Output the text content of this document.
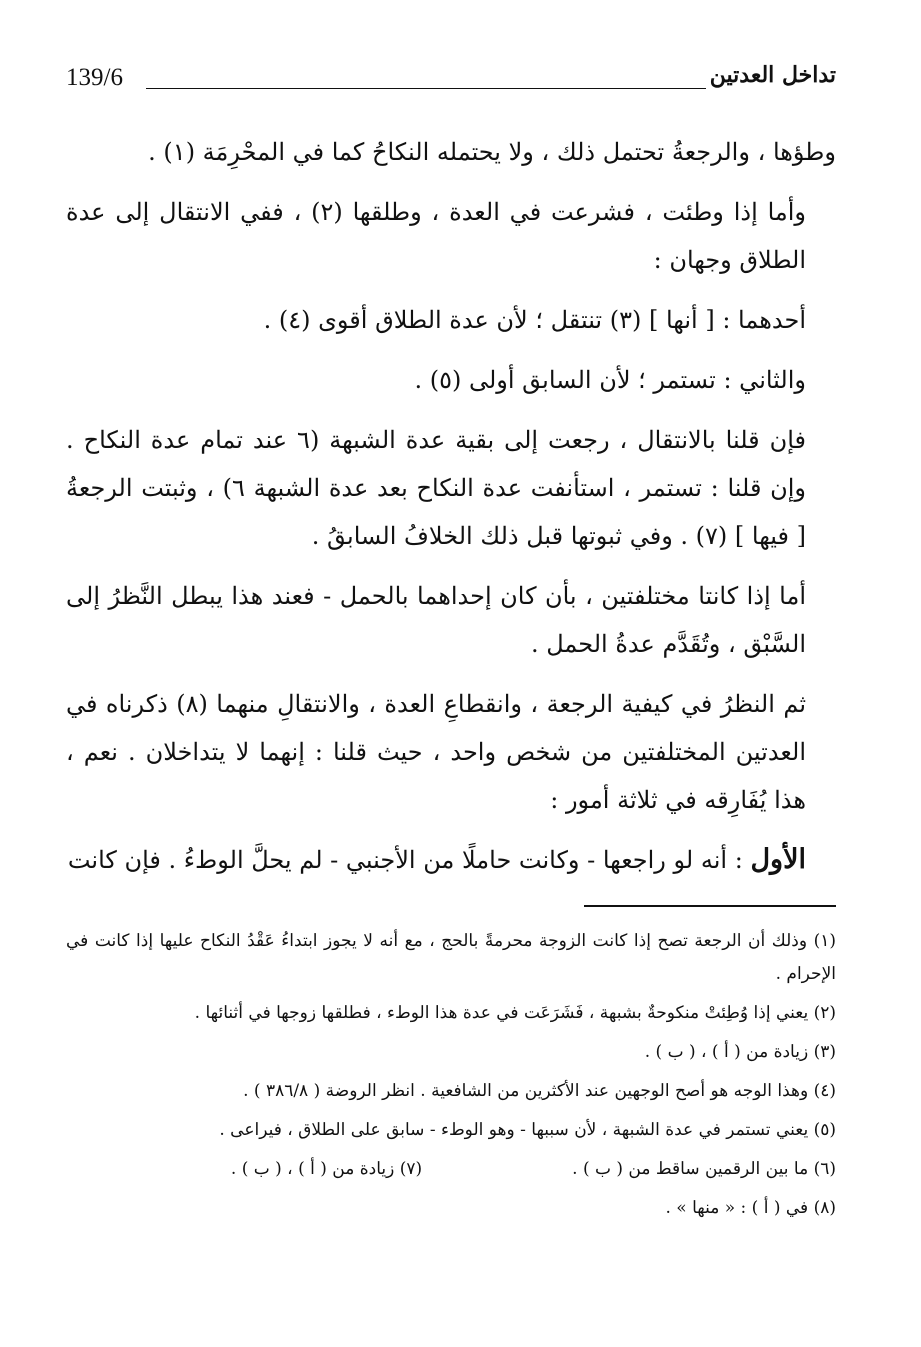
139/6	تداخل العدتين

وطؤها ، والرجعةُ تحتمل ذلك ، ولا يحتمله النكاحُ كما في المحْرِمَة (١) .

وأما إذا وطئت ، فشرعت في العدة ، وطلقها (٢) ، ففي الانتقال إلى عدة الطلاق وجهان :

أحدهما : [ أنها ] (٣) تنتقل ؛ لأن عدة الطلاق أقوى (٤) .

والثاني : تستمر ؛ لأن السابق أولى (٥) .

فإن قلنا بالانتقال ، رجعت إلى بقية عدة الشبهة (٦ عند تمام عدة النكاح . وإن قلنا : تستمر ، استأنفت عدة النكاح بعد عدة الشبهة ٦) ، وثبتت الرجعةُ [ فيها ] (٧) . وفي ثبوتها قبل ذلك الخلافُ السابقُ .

أما إذا كانتا مختلفتين ، بأن كان إحداهما بالحمل - فعند هذا يبطل النَّظرُ إلى السَّبْق ، وتُقَدَّم عدةُ الحمل .

ثم النظرُ في كيفية الرجعة ، وانقطاعِ العدة ، والانتقالِ منهما (٨) ذكرناه في العدتين المختلفتين من شخص واحد ، حيث قلنا : إنهما لا يتداخلان . نعم ، هذا يُفَارِقه في ثلاثة أمور :

الأول : أنه لو راجعها - وكانت حاملًا من الأجنبي - لم يحلَّ الوطءُ . فإن كانت

(١) وذلك أن الرجعة تصح إذا كانت الزوجة محرمةً بالحج ، مع أنه لا يجوز ابتداءُ عَقْدُ النكاح عليها إذا كانت في الإحرام .

(٢) يعني إذا وُطِئتْ منكوحةٌ بشبهة ، فَشَرَعَت في عدة هذا الوطء ، فطلقها زوجها في أثنائها .

(٣) زيادة من ( أ ) ، ( ب ) .

(٤) وهذا الوجه هو أصح الوجهين عند الأكثرين من الشافعية . انظر الروضة ( ٣٨٦/٨ ) .

(٥) يعني تستمر في عدة الشبهة ، لأن سببها - وهو الوطء - سابق على الطلاق ، فيراعى .

(٦) ما بين الرقمين ساقط من ( ب ) .

(٧) زيادة من ( أ ) ، ( ب ) .

(٨) في ( أ ) : « منها » .
